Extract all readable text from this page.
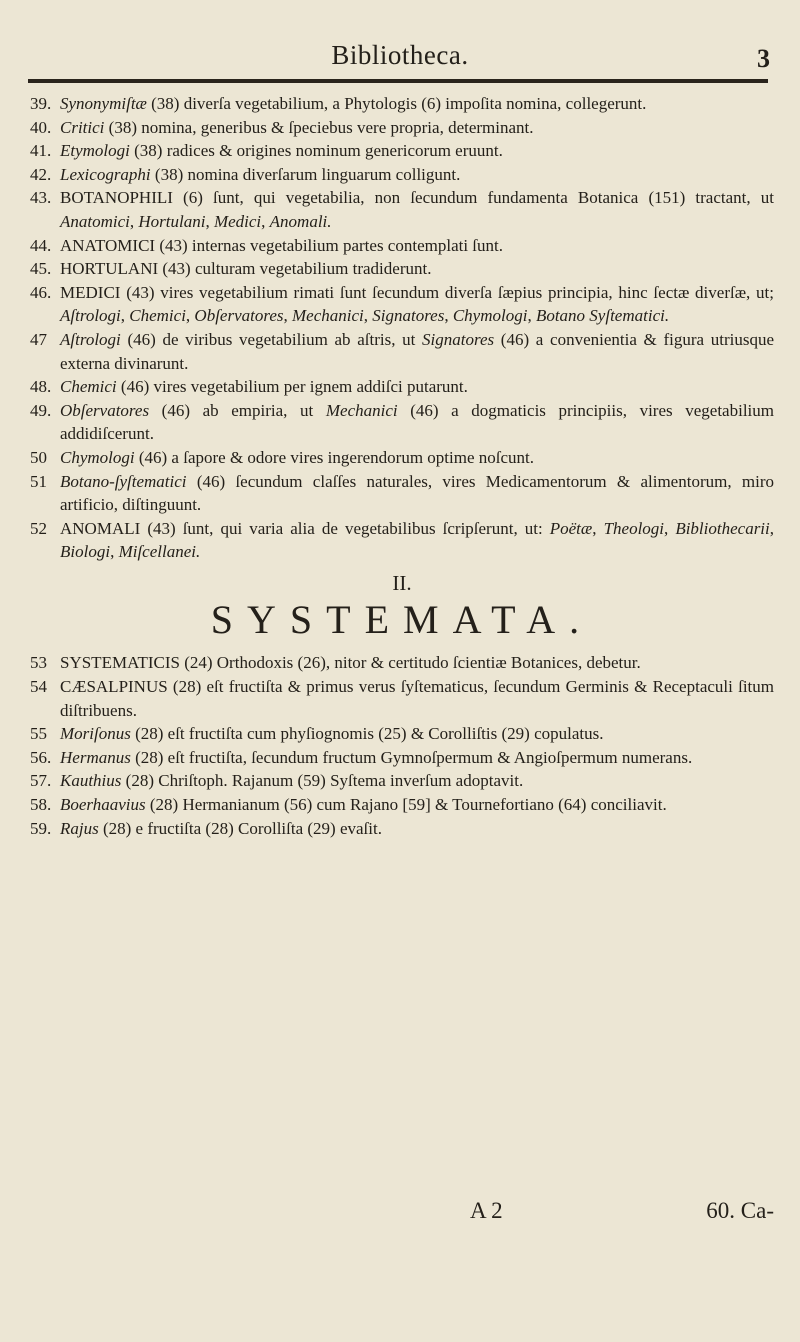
Bibliotheca.	3

39. Synonymiſtæ (38) diverſa vegetabilium, a Phytologis (6) impoſita nomina, collegerunt.

40. Critici (38) nomina, generibus & ſpeciebus vere propria, determinant.

41. Etymologi (38) radices & origines nominum genericorum eruunt.

42. Lexicographi (38) nomina diverſarum linguarum colligunt.

43. BOTANOPHILI (6) ſunt, qui vegetabilia, non ſecundum fundamenta Botanica (151) tractant, ut Anatomici, Hortulani, Medici, Anomali.

44. ANATOMICI (43) internas vegetabilium partes contemplati ſunt.

45. HORTULANI (43) culturam vegetabilium tradiderunt.

46. MEDICI (43) vires vegetabilium rimati ſunt ſecundum diverſa ſæpius principia, hinc ſectæ diverſæ, ut; Aſtrologi, Chemici, Obſervatores, Mechanici, Signatores, Chymologi, Botano Syſtematici.

47 Aſtrologi (46) de viribus vegetabilium ab aſtris, ut Signatores (46) a convenientia & figura utriusque externa divinarunt.

48. Chemici (46) vires vegetabilium per ignem addiſci putarunt.

49. Obſervatores (46) ab empiria, ut Mechanici (46) a dogmaticis principiis, vires vegetabilium addidiſcerunt.

50 Chymologi (46) a ſapore & odore vires ingerendorum optime noſcunt.

51 Botano-ſyſtematici (46) ſecundum claſſes naturales, vires Medicamentorum & alimentorum, miro artificio, diſtinguunt.

52 ANOMALI (43) ſunt, qui varia alia de vegetabilibus ſcripſerunt, ut: Poëtæ, Theologi, Bibliothecarii, Biologi, Miſcellanei.

II.
SYSTEMATA.

53 SYSTEMATICIS (24) Orthodoxis (26), nitor & certitudo ſcientiæ Botanices, debetur.

54 CÆSALPINUS (28) eſt fructiſta & primus verus ſyſtematicus, ſecundum Germinis & Receptaculi ſitum diſtribuens.

55 Moriſonus (28) eſt fructiſta cum phyſiognomis (25) & Corolliſtis (29) copulatus.

56. Hermanus (28) eſt fructiſta, ſecundum fructum Gymnoſpermum & Angioſpermum numerans.

57. Kauthius (28) Chriſtoph. Rajanum (59) Syſtema inverſum adoptavit.

58. Boerhaavius (28) Hermanianum (56) cum Rajano [59] & Tournefortiano (64) conciliavit.

59. Rajus (28) e fructiſta (28) Corolliſta (29) evaſit.

A 2	60. Ca-
